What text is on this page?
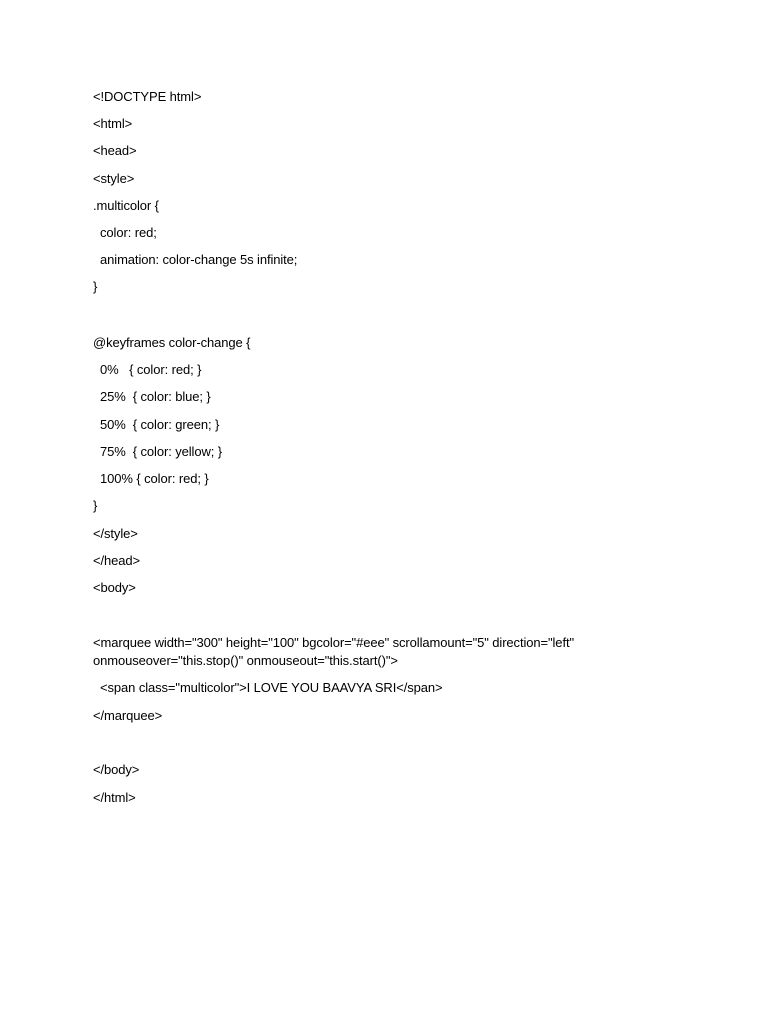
<!DOCTYPE html>
<html>
<head>
<style>
.multicolor {
color: red;
animation: color-change 5s infinite;
}
@keyframes color-change {
0%   { color: red; }
25%  { color: blue; }
50%  { color: green; }
75%  { color: yellow; }
100% { color: red; }
}
</style>
</head>
<body>
<marquee width="300" height="100" bgcolor="#eee" scrollamount="5" direction="left"
onmouseover="this.stop()" onmouseout="this.start()">
<span class="multicolor">I LOVE YOU BAAVYA SRI</span>
</marquee>
</body>
</html>
